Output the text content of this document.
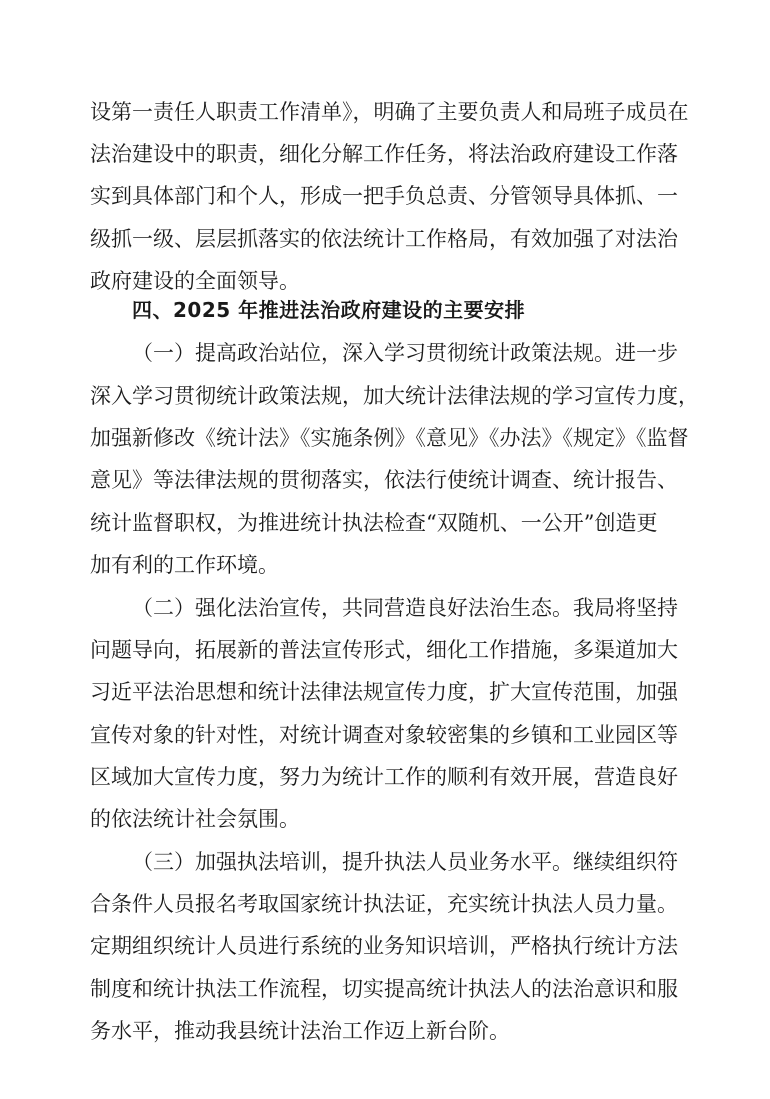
设第一责任人职责工作清单》，明确了主要负责人和局班子成员在
法治建设中的职责，细化分解工作任务，将法治政府建设工作落
实到具体部门和个人，形成一把手负总责、分管领导具体抓、一
级抓一级、层层抓落实的依法统计工作格局，有效加强了对法治
政府建设的全面领导。
四、2025 年推进法治政府建设的主要安排
（一）提高政治站位，深入学习贯彻统计政策法规。进一步
深入学习贯彻统计政策法规，加大统计法律法规的学习宣传力度，
加强新修改《统计法》《实施条例》《意见》《办法》《规定》《监督
意见》等法律法规的贯彻落实，依法行使统计调查、统计报告、
统计监督职权，为推进统计执法检查“双随机、一公开”创造更
加有利的工作环境。
（二）强化法治宣传，共同营造良好法治生态。我局将坚持
问题导向，拓展新的普法宣传形式，细化工作措施，多渠道加大
习近平法治思想和统计法律法规宣传力度，扩大宣传范围，加强
宣传对象的针对性，对统计调查对象较密集的乡镇和工业园区等
区域加大宣传力度，努力为统计工作的顺利有效开展，营造良好
的依法统计社会氛围。
（三）加强执法培训，提升执法人员业务水平。继续组织符
合条件人员报名考取国家统计执法证，充实统计执法人员力量。
定期组织统计人员进行系统的业务知识培训，严格执行统计方法
制度和统计执法工作流程，切实提高统计执法人的法治意识和服
务水平，推动我县统计法治工作迈上新台阶。
